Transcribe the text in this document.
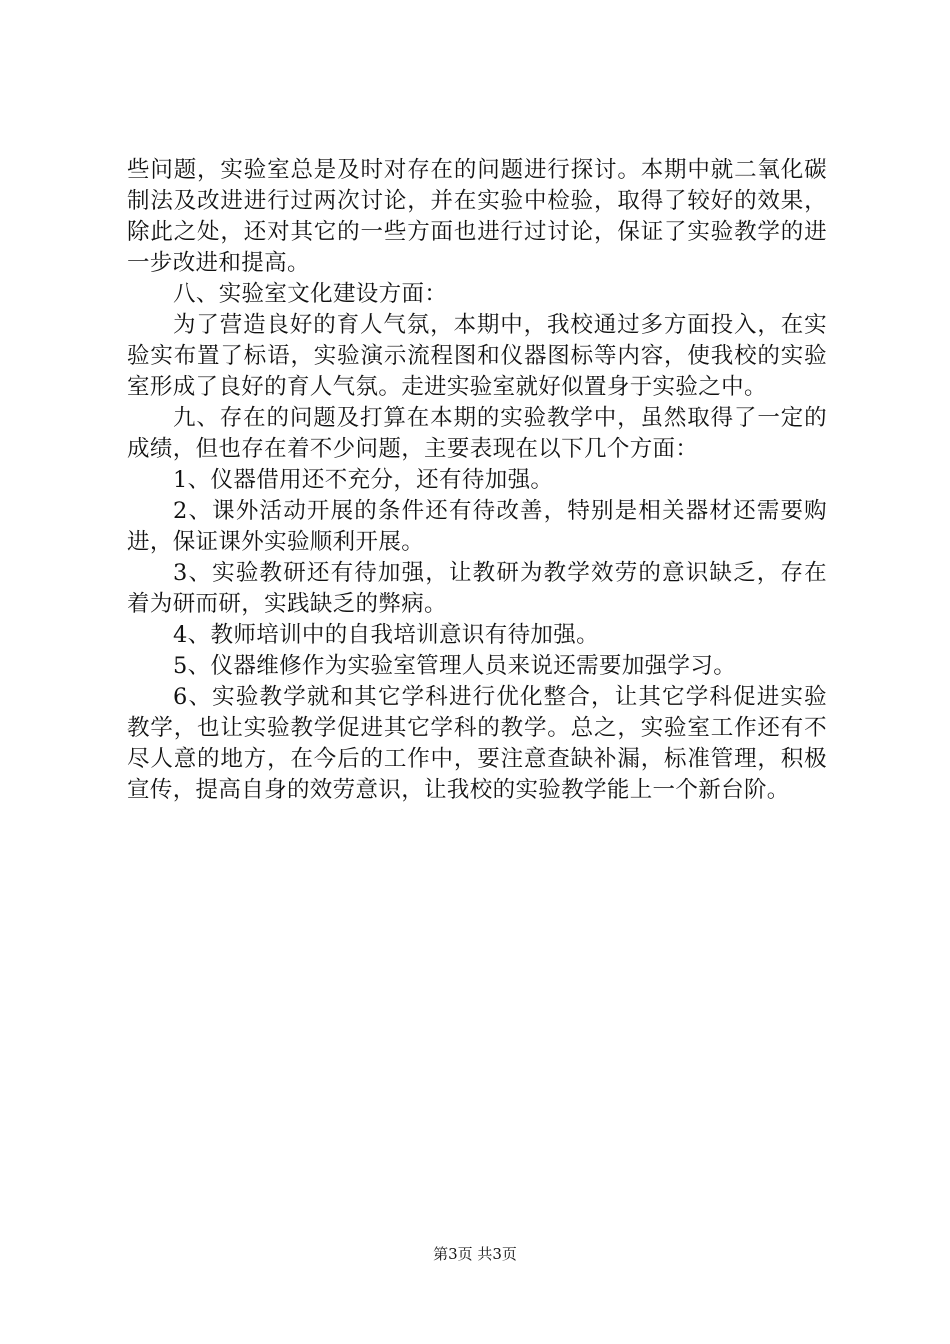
些问题，实验室总是及时对存在的问题进行探讨。本期中就二氧化碳制法及改进进行过两次讨论，并在实验中检验，取得了较好的效果，除此之处，还对其它的一些方面也进行过讨论，保证了实验教学的进一步改进和提高。

八、实验室文化建设方面：

为了营造良好的育人气氛，本期中，我校通过多方面投入，在实验实布置了标语，实验演示流程图和仪器图标等内容，使我校的实验室形成了良好的育人气氛。走进实验室就好似置身于实验之中。

九、存在的问题及打算在本期的实验教学中，虽然取得了一定的成绩，但也存在着不少问题，主要表现在以下几个方面：

1、仪器借用还不充分，还有待加强。

2、课外活动开展的条件还有待改善，特别是相关器材还需要购进，保证课外实验顺利开展。

3、实验教研还有待加强，让教研为教学效劳的意识缺乏，存在着为研而研，实践缺乏的弊病。

4、教师培训中的自我培训意识有待加强。

5、仪器维修作为实验室管理人员来说还需要加强学习。

6、实验教学就和其它学科进行优化整合，让其它学科促进实验教学，也让实验教学促进其它学科的教学。总之，实验室工作还有不尽人意的地方，在今后的工作中，要注意查缺补漏，标准管理，积极宣传，提高自身的效劳意识，让我校的实验教学能上一个新台阶。

第3页 共3页
